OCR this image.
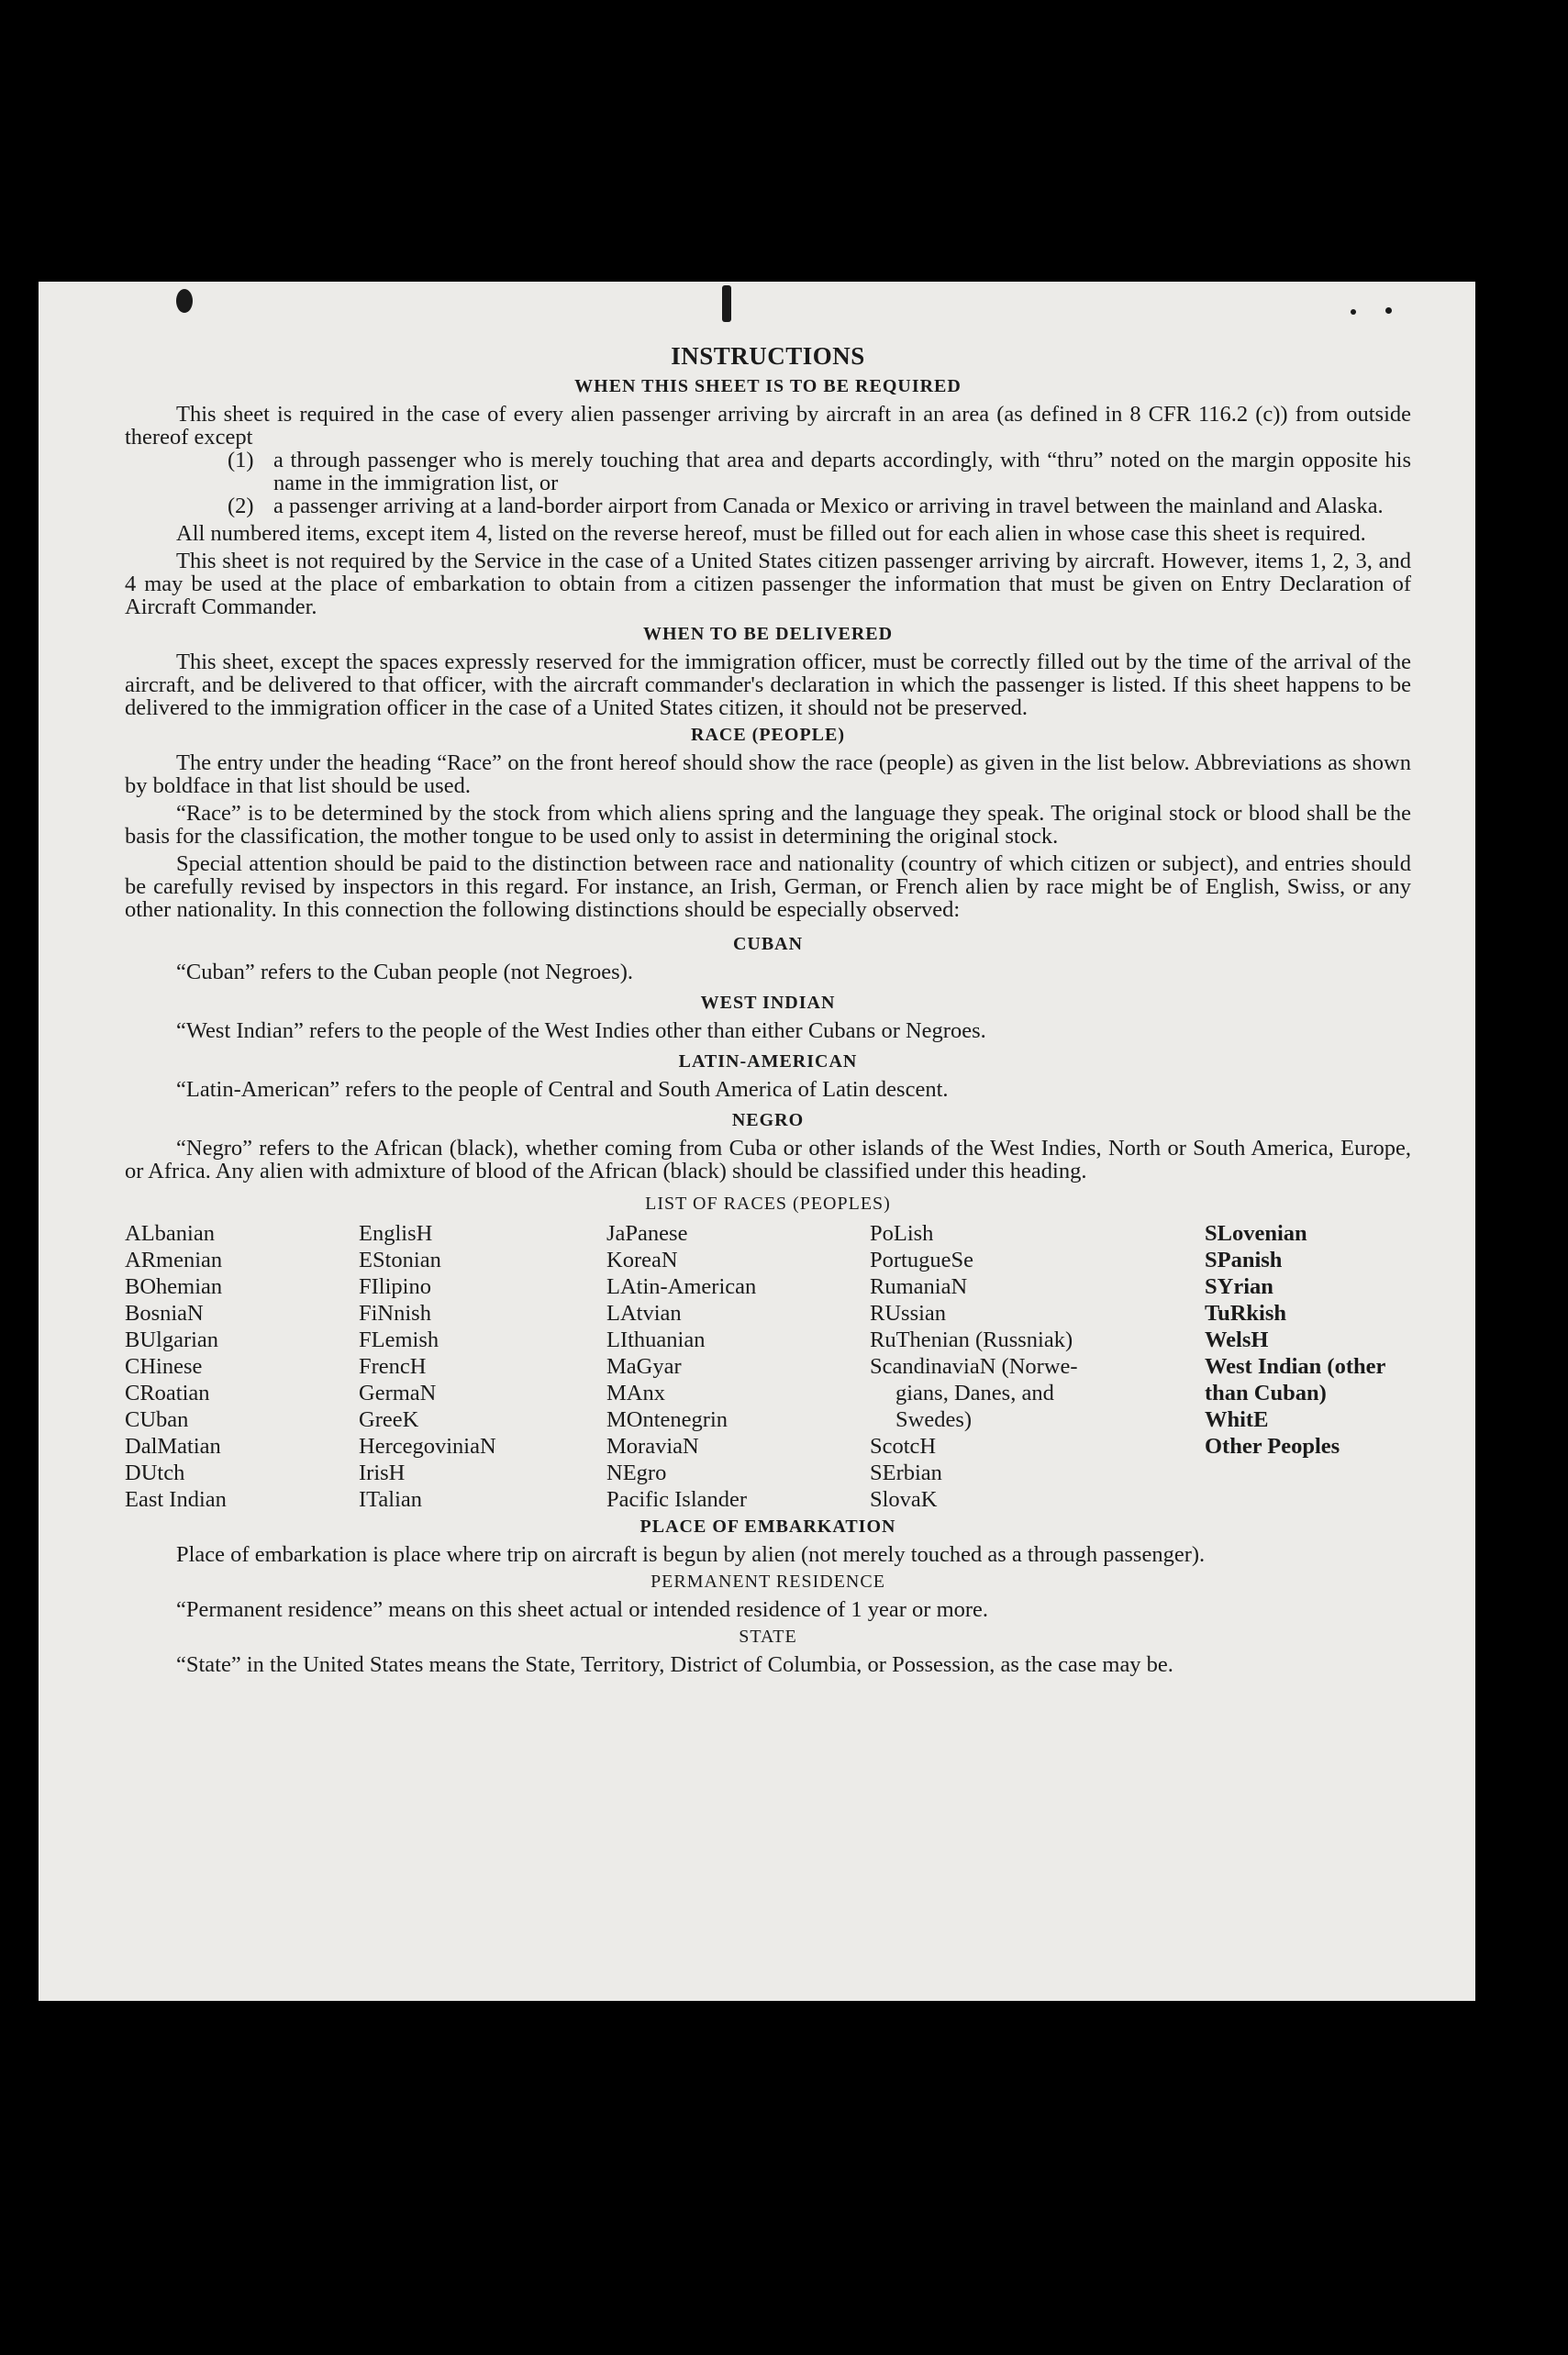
INSTRUCTIONS
WHEN THIS SHEET IS TO BE REQUIRED

This sheet is required in the case of every alien passenger arriving by aircraft in an area (as defined in 8 CFR 116.2 (c)) from outside thereof except

(1) a through passenger who is merely touching that area and departs accordingly, with “thru” noted on the margin opposite his name in the immigration list, or
(2) a passenger arriving at a land-border airport from Canada or Mexico or arriving in travel between the mainland and Alaska.

All numbered items, except item 4, listed on the reverse hereof, must be filled out for each alien in whose case this sheet is required.

This sheet is not required by the Service in the case of a United States citizen passenger arriving by aircraft. However, items 1, 2, 3, and 4 may be used at the place of embarkation to obtain from a citizen passenger the information that must be given on Entry Declaration of Aircraft Commander.

WHEN TO BE DELIVERED

This sheet, except the spaces expressly reserved for the immigration officer, must be correctly filled out by the time of the arrival of the aircraft, and be delivered to that officer, with the aircraft commander's declaration in which the passenger is listed. If this sheet happens to be delivered to the immigration officer in the case of a United States citizen, it should not be preserved.

RACE (PEOPLE)

The entry under the heading “Race” on the front hereof should show the race (people) as given in the list below. Abbreviations as shown by boldface in that list should be used.

“Race” is to be determined by the stock from which aliens spring and the language they speak. The original stock or blood shall be the basis for the classification, the mother tongue to be used only to assist in determining the original stock.

Special attention should be paid to the distinction between race and nationality (country of which citizen or subject), and entries should be carefully revised by inspectors in this regard. For instance, an Irish, German, or French alien by race might be of English, Swiss, or any other nationality. In this connection the following distinctions should be especially observed:

CUBAN

“Cuban” refers to the Cuban people (not Negroes).

WEST INDIAN

“West Indian” refers to the people of the West Indies other than either Cubans or Negroes.

LATIN-AMERICAN

“Latin-American” refers to the people of Central and South America of Latin descent.

NEGRO

“Negro” refers to the African (black), whether coming from Cuba or other islands of the West Indies, North or South America, Europe, or Africa. Any alien with admixture of blood of the African (black) should be classified under this heading.

LIST OF RACES (PEOPLES)
ALbanian
ARmenian
BOhemian
BosniaN
BUlgarian
CHinese
CRoatian
CUban
DalMatian
DUtch
East Indian
EnglisH
EStonian
FIlipino
FiNnish
FLemish
FrencH
GermaN
GreeK
HercegoviniaN
IrisH
ITalian
JaPanese
KoreaN
LAtin-American
LAtvian
LIthuanian
MaGyar
MAnx
MOntenegrin
MoraviaN
NEgro
Pacific Islander
PoLish
PortugueSe
RumaniaN
RUssian
RuThenian (Russniak)
ScandinaviaN (Norwe-
gians, Danes, and
Swedes)
ScotcH
SErbian
SlovaK
SLovenian
SPanish
SYrian
TuRkish
WelsH
West Indian (other
than Cuban)
WhitE
Other Peoples
PLACE OF EMBARKATION

Place of embarkation is place where trip on aircraft is begun by alien (not merely touched as a through passenger).

PERMANENT RESIDENCE

“Permanent residence” means on this sheet actual or intended residence of 1 year or more.

STATE

“State” in the United States means the State, Territory, District of Columbia, or Possession, as the case may be.
